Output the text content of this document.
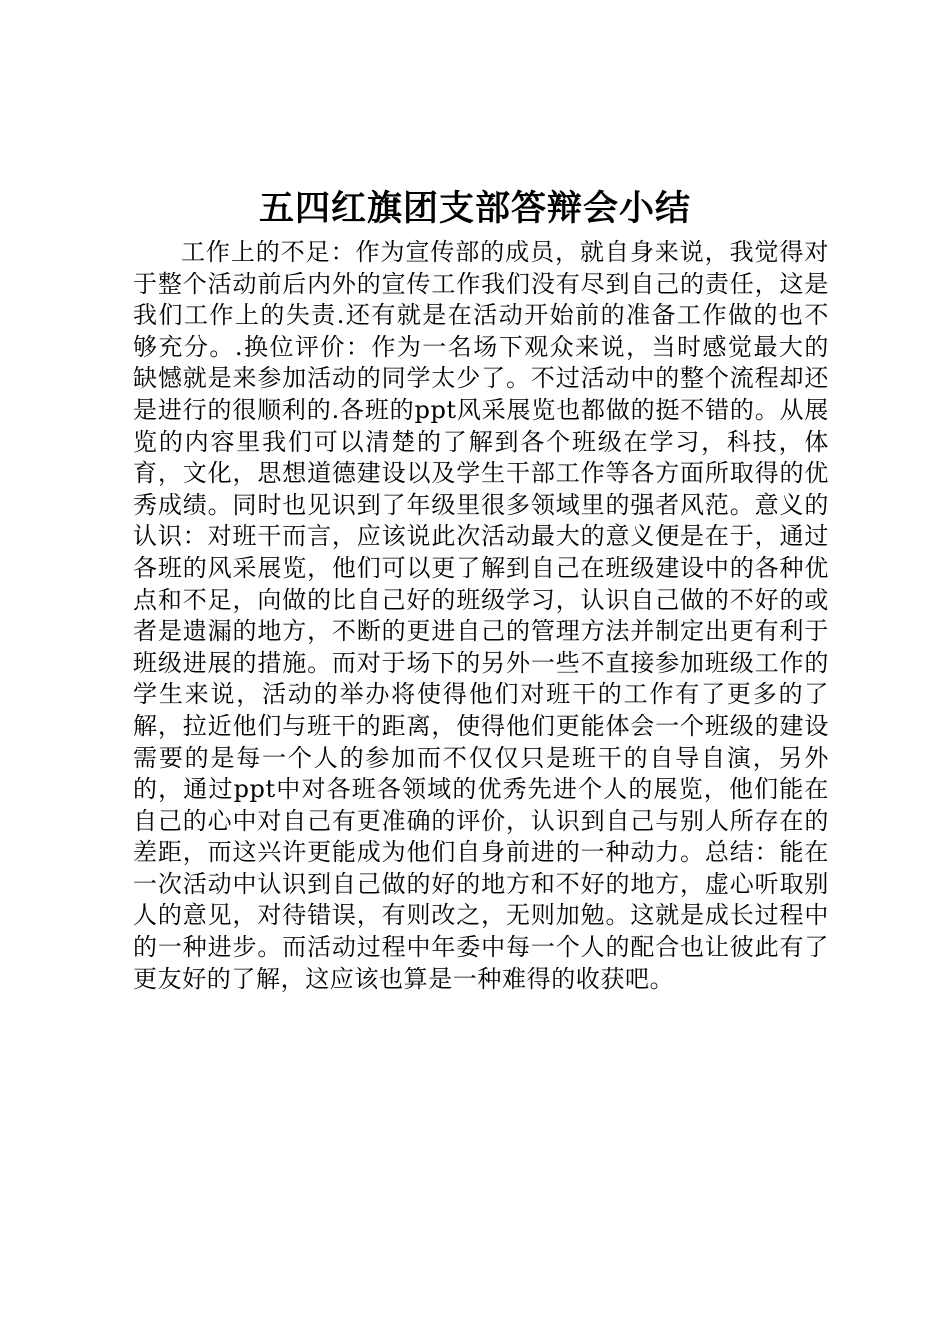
五四红旗团支部答辩会小结

工作上的不足：作为宣传部的成员，就自身来说，我觉得对于整个活动前后内外的宣传工作我们没有尽到自己的责任，这是我们工作上的失责.还有就是在活动开始前的准备工作做的也不够充分。.换位评价：作为一名场下观众来说，当时感觉最大的缺憾就是来参加活动的同学太少了。不过活动中的整个流程却还是进行的很顺利的.各班的ppt风采展览也都做的挺不错的。从展览的内容里我们可以清楚的了解到各个班级在学习，科技，体育，文化，思想道德建设以及学生干部工作等各方面所取得的优秀成绩。同时也见识到了年级里很多领域里的强者风范。意义的认识：对班干而言，应该说此次活动最大的意义便是在于，通过各班的风采展览，他们可以更了解到自己在班级建设中的各种优点和不足，向做的比自己好的班级学习，认识自己做的不好的或者是遗漏的地方，不断的更进自己的管理方法并制定出更有利于班级进展的措施。而对于场下的另外一些不直接参加班级工作的学生来说，活动的举办将使得他们对班干的工作有了更多的了解，拉近他们与班干的距离，使得他们更能体会一个班级的建设需要的是每一个人的参加而不仅仅只是班干的自导自演，另外的，通过ppt中对各班各领域的优秀先进个人的展览，他们能在自己的心中对自己有更准确的评价，认识到自己与别人所存在的差距，而这兴许更能成为他们自身前进的一种动力。总结：能在一次活动中认识到自己做的好的地方和不好的地方，虚心听取别人的意见，对待错误，有则改之，无则加勉。这就是成长过程中的一种进步。而活动过程中年委中每一个人的配合也让彼此有了更友好的了解，这应该也算是一种难得的收获吧。
